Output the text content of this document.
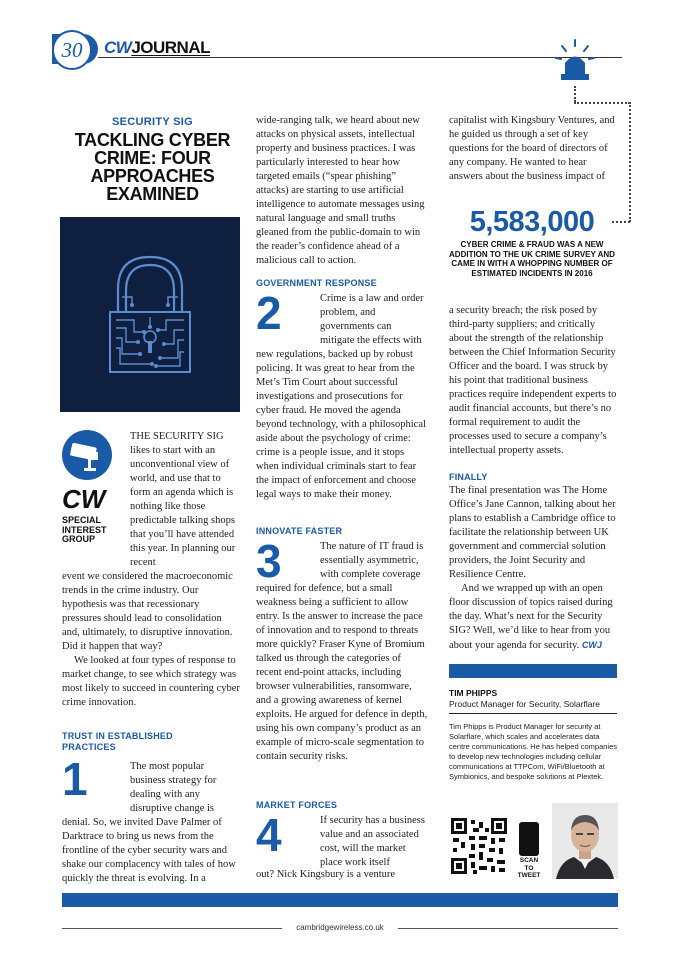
30	CWJOURNAL
SECURITY SIG
TACKLING CYBER CRIME: FOUR APPROACHES EXAMINED
CW
SPECIAL
INTEREST
GROUP

THE SECURITY SIG likes to start with an unconventional view of world, and use that to form an agenda which is nothing like those predictable talking shops that you’ll have attended this year. In planning our recent

event we considered the macroeconomic trends in the crime industry. Our hypothesis was that recessionary pressures should lead to consolidation and, ultimately, to disruptive innovation. Did it happen that way?

We looked at four types of response to market change, to see which strategy was most likely to succeed in countering cyber crime innovation.

TRUST IN ESTABLISHED PRACTICES
1	The most popular business strategy for dealing with any disruptive change is

denial. So, we invited Dave Palmer of Darktrace to bring us news from the frontline of the cyber security wars and shake our complacency with tales of how quickly the threat is evolving. In a

wide-ranging talk, we heard about new attacks on physical assets, intellectual property and business practices. I was particularly interested to hear how targeted emails (“spear phishing” attacks) are starting to use artificial intelligence to automate messages using natural language and small truths gleaned from the public-domain to win the reader’s confidence ahead of a malicious call to action.

GOVERNMENT RESPONSE
2	Crime is a law and order problem, and governments can mitigate the effects with

new regulations, backed up by robust policing. It was great to hear from the Met’s Tim Court about successful investigations and prosecutions for cyber fraud. He moved the agenda beyond technology, with a philosophical aside about the psychology of crime: crime is a people issue, and it stops when individual criminals start to fear the impact of enforcement and choose legal ways to make their money.

INNOVATE FASTER
3	The nature of IT fraud is essentially asymmetric, with complete coverage

required for defence, but a small weakness being a sufficient to allow entry. Is the answer to increase the pace of innovation and to respond to threats more quickly? Fraser Kyne of Bromium talked us through the categories of recent end-point attacks, including browser vulnerabilities, ransomware, and a growing awareness of kernel exploits. He argued for defence in depth, using his own company’s product as an example of micro-scale segmentation to contain security risks.

MARKET FORCES
4	If security has a business value and an associated cost, will the market place work itself

out? Nick Kingsbury is a venture

capitalist with Kingsbury Ventures, and he guided us through a set of key questions for the board of directors of any company. He wanted to hear answers about the business impact of

5,583,000
CYBER CRIME & FRAUD WAS A NEW ADDITION TO THE UK CRIME SURVEY AND CAME IN WITH A WHOPPING NUMBER OF ESTIMATED INCIDENTS IN 2016

a security breach; the risk posed by third-party suppliers; and critically about the strength of the relationship between the Chief Information Security Officer and the board. I was struck by his point that traditional business practices require independent experts to audit financial accounts, but there’s no formal requirement to audit the processes used to secure a company’s intellectual property assets.

FINALLY

The final presentation was The Home Office’s Jane Cannon, talking about her plans to establish a Cambridge office to facilitate the relationship between UK government and commercial solution providers, the Joint Security and Resilience Centre.

And we wrapped up with an open floor discussion of topics raised during the day. What’s next for the Security SIG? Well, we’d like to hear from you about your agenda for security. CWJ

TIM PHIPPS
Product Manager for Security, Solarflare
Tim Phipps is Product Manager for security at Solarflare, which scales and accelerates data centre communications. He has helped companies to develop new technologies including cellular communications at TTPCom, WiFi/Bluetooth at Symbionics, and bespoke solutions at Plextek.
SCAN
TO
TWEET
cambridgewireless.co.uk
